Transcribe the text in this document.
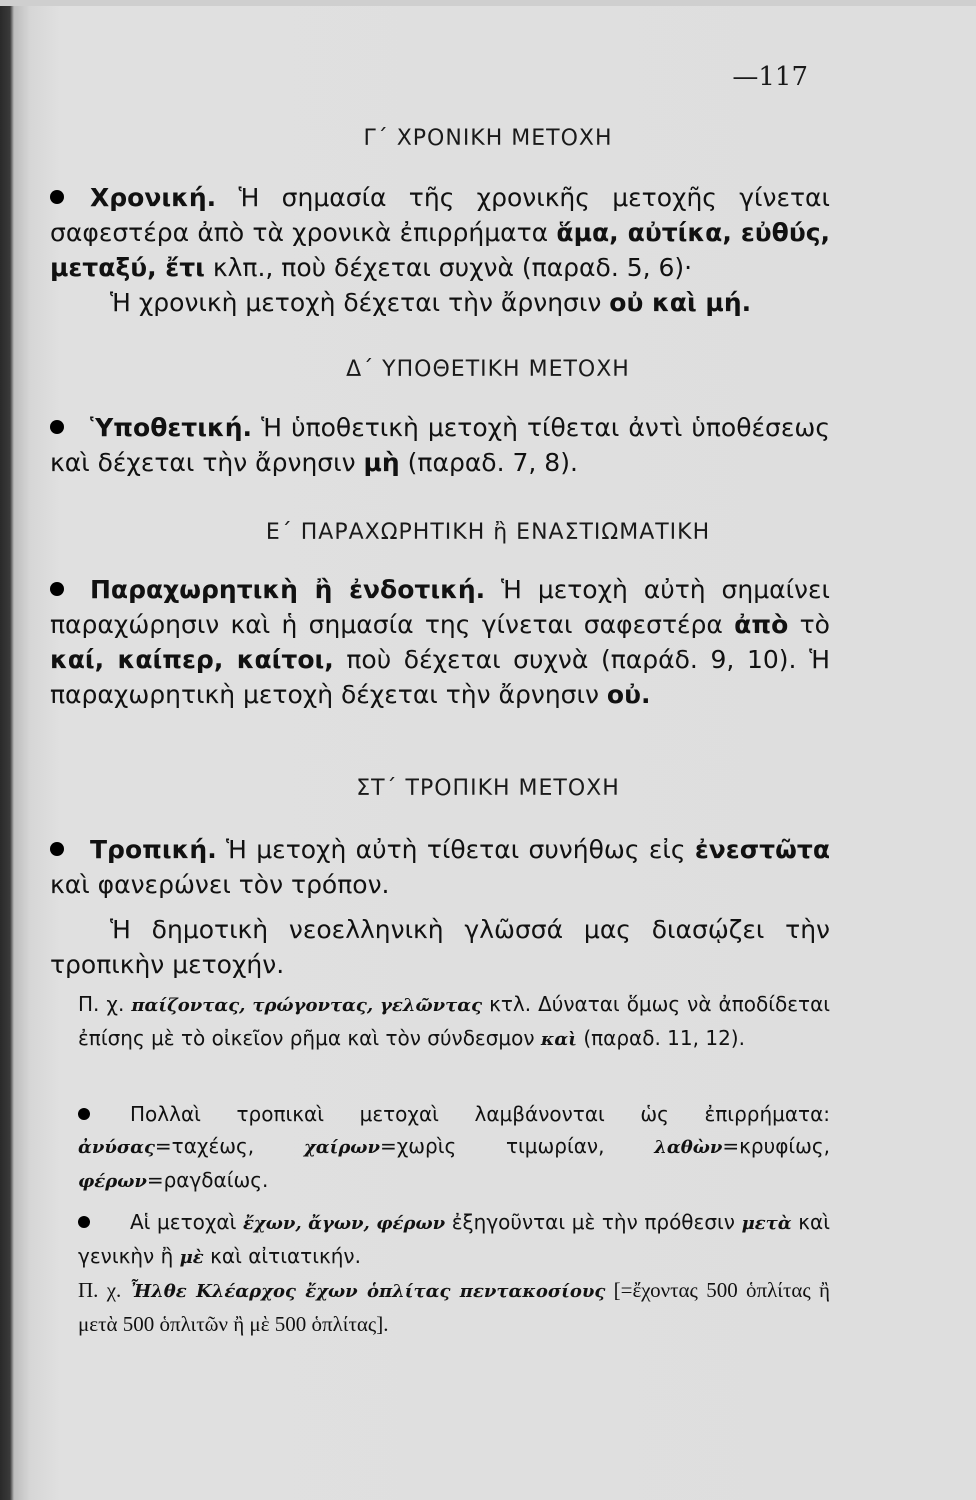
—117
Γ΄ ΧΡΟΝΙΚΗ ΜΕΤΟΧΗ
Χρονική. Ἡ σημασία τῆς χρονικῆς μετοχῆς γίνεται σαφεστέρα ἀπὸ τὰ χρονικὰ ἐπιρρήματα ἅμα, αὐτίκα, εὐθύς, μεταξύ, ἔτι κλπ., ποὺ δέχεται συχνὰ (παραδ. 5, 6)·
Ἡ χρονικὴ μετοχὴ δέχεται τὴν ἄρνησιν οὐ καὶ μή.
Δ΄ ΥΠΟΘΕΤΙΚΗ ΜΕΤΟΧΗ
Ὑποθετική. Ἡ ὑποθετικὴ μετοχὴ τίθεται ἀντὶ ὑποθέσεως καὶ δέχεται τὴν ἄρνησιν μὴ (παραδ. 7, 8).
Ε΄ ΠΑΡΑΧΩΡΗΤΙΚΗ ἢ ΕΝΑΣΤΙΩΜΑΤΙΚΗ
Παραχωρητικὴ ἢ ἐνδοτική. Ἡ μετοχὴ αὐτὴ σημαίνει παραχώρησιν καὶ ἡ σημασία της γίνεται σαφεστέρα ἀπὸ τὸ καί, καίπερ, καίτοι, ποὺ δέχεται συχνὰ (παράδ. 9, 10). Ἡ παραχωρητικὴ μετοχὴ δέχεται τὴν ἄρνησιν οὐ.
ΣΤ΄ ΤΡΟΠΙΚΗ ΜΕΤΟΧΗ
Τροπική. Ἡ μετοχὴ αὐτὴ τίθεται συνήθως εἰς ἐνεστῶτα καὶ φανερώνει τὸν τρόπον.
Ἡ δημοτικὴ νεοελληνικὴ γλῶσσά μας διασῴζει τὴν τροπικὴν μετοχήν.
Π. χ. παίζοντας, τρώγοντας, γελῶντας κτλ. Δύναται ὅμως νὰ ἀποδίδεται ἐπίσης μὲ τὸ οἰκεῖον ρῆμα καὶ τὸν σύνδεσμον καὶ (παραδ. 11, 12).
Πολλαὶ τροπικαὶ μετοχαὶ λαμβάνονται ὡς ἐπιρρήματα: ἀνύσας=ταχέως,	χαίρων=χωρὶς τιμωρίαν,	λαθὼν=κρυφίως, φέρων=ραγδαίως.
Αἱ μετοχαὶ ἔχων, ἄγων, φέρων ἐξηγοῦνται μὲ τὴν πρόθεσιν μετὰ καὶ γενικὴν ἢ μὲ καὶ αἰτιατικήν.
Π. χ. Ἦλθε Κλέαρχος ἔχων ὁπλίτας πεντακοσίους [=ἔχοντας 500 ὁπλίτας ἢ μετὰ 500 ὁπλιτῶν ἢ μὲ 500 ὁπλίτας].
